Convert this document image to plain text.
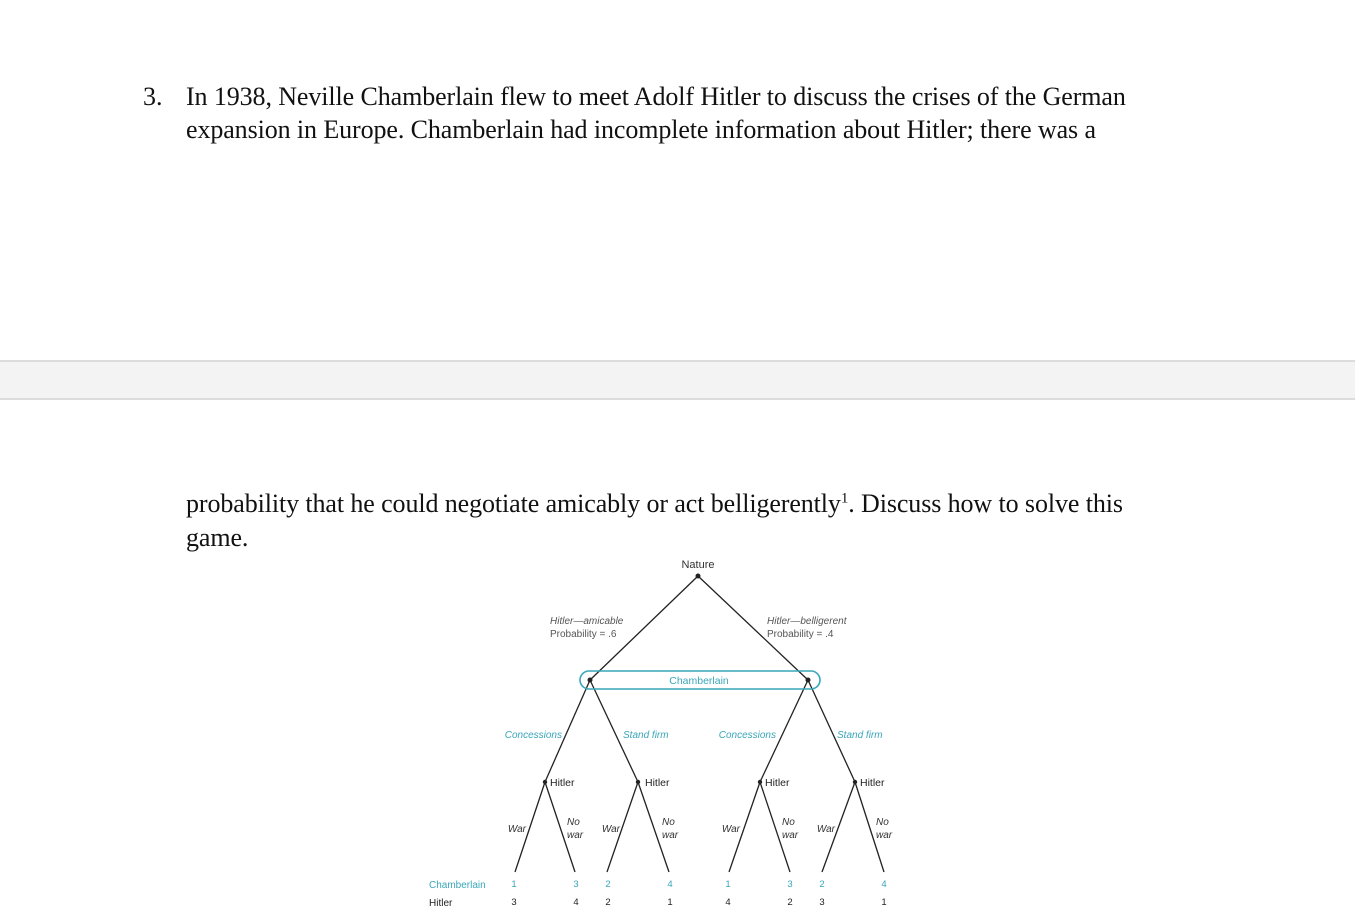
3. In 1938, Neville Chamberlain flew to meet Adolf Hitler to discuss the crises of the German
expansion in Europe. Chamberlain had incomplete information about Hitler; there was a
probability that he could negotiate amicably or act belligerently$^1$. Discuss how to solve this
game.
Nature
Hitler—amicable
Probability = .6
Hitler—belligerent
Probability = .4
Chamberlain
Concessions	Stand firm	Concessions	Stand firm
Hitler	Hitler	Hitler	Hitler
War
No
war
War
No
war
War
No
war
War
No
war
Chamberlain
Hitler
1	3	2	4	1	3	2	4
3	4	2	1	4	2	3	1
